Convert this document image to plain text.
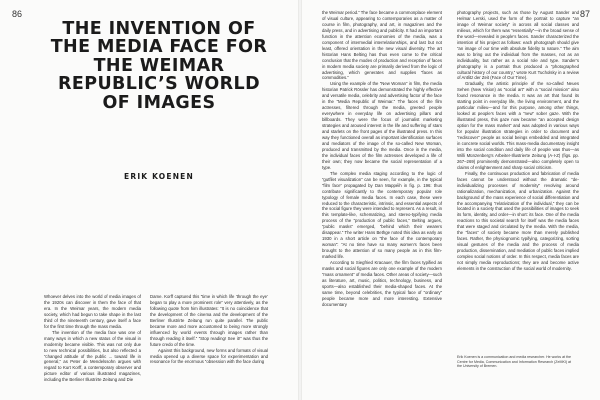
86
THE INVENTION OF THE MEDIA FACE FOR THE WEIMAR REPUBLIC’S WORLD OF IMAGES
ERIK KOENEN

Whoever delves into the world of media images of the 1920s can discover in them the face of that era. In the Weimar years, the modern media society, which had begun to take shape in the last third of the nineteenth century, gave itself a face for the first time through the mass media.

The invention of the media face was one of many ways in which a new status of the visual in modernity became visible. This was not only due to new technical possibilities, but also reflected a “changed attitude of the public ... toward life in general,” as Peter de Mendelssohn argues with regard to Kurt Korff, a contemporary observer and picture editor of various illustrated magazines, including the Berliner Illustrirte Zeitung and Die

Dame. Korff captured this “time in which life ‘through the eye’ began to play a more prominent role” very attentively, as the following quote from him illustrates: “It is no coincidence that the development of the cinema and the development of the Berliner Illustrirte Zeitung run quite parallel. The public became more and more accustomed to being more strongly influenced by world events through images rather than through reading it itself.” “Stop reading! See it!” was thus the future credo of the time.

Against this background, new forms and formats of visual media opened up a diverse space for experimentation and resonance for the enormous “obsession with the face during

87

the Weimar period.” The face became a commonplace element of visual culture, appearing to contemporaries as a matter of course in film, photography, and art, in magazines and the daily press, and in advertising and publicity. It had an important function in the attention economies of the media, was a component of intermedial interrelationships, and last but not least, offered orientation in the new visual diversity. The art historian Hans Belting has thus even come to the critical conclusion that the modes of production and reception of faces in modern media society are primarily derived from the logic of advertising, which generates and supplies “faces as commodities.”

Using the example of the “New Woman” in film, the media historian Patrick Rössler has demonstrated the highly effective and versatile media, celebrity and advertising factor of the face in the “Media Republic of Weimar.” The faces of the film actresses, filtered through the media, greeted people everywhere in everyday life on advertising pillars and billboards. They were the focus of journalist marketing strategies and aroused interest in the life and suffering of stars and starlets on the front pages of the illustrated press. In this way they functioned overall as important identification surfaces and mediators of the image of the so-called New Woman, produced and transmitted by the media. Once in the media, the individual faces of the film actresses developed a life of their own; they now became the social representation of a type.

The complex media staging according to the logic of “gutfilet visualization” can be seen, for example, in the typical “film face” propagated by Dan Mappéih in fig. p. 196: thus contribute significantly to the contemporary popular role typology of female media faces. In each case, these were reduced to the characteristic, intrinsic, and essential aspects of the social figure they were intended to represent. As a result, in this template-like, schematizing, and stereo-typifying media process of the “production of public faces,” Belting argues, “public masks” emerged, “behind which their wearers disappear.” The writer Hans Bethge noted this idea as early as 1930 in a short article on “the face of the contemporary woman”: “At no time have so many women’s faces been brought to the attention of so many people as in this film-marked life.

According to Siegfried Kracauer, the film faces typified as masks and social figures are only one example of the modern “mass ornament” of media faces. Other areas of society—such as literature, art, music, politics, technology, business, and sports—also established their media-shaped faces. At the same time, beyond celebrities, the typical face of “ordinary” people became more and more interesting. Extensive documentary

photography projects, such as those by August Sander and Helmar Lerski, used the form of the portrait to capture “an image of Weimar society” in across all social classes and milieus, which for them was “essentially”—in the broad sense of the word—revealed in people’s faces. Sander characterized the intention of his project as follows: each photograph should give “an image of our time with absolute fidelity to nature.” The aim was to bring out the individual from the masses, not as an individuality, but rather as a social role and type. Sander’s photography is a portrait thus produced a “photographed cultural history of our country,” wrote Kurt Tucholsky in a review of Antlitz der Zeit (Face of Our Time).

Gradually, the artistic principle of the so-called Neues Sehen (New Vision) as “social art” with a “social mission” also found resonance in the media. It was an art that found its starting point in everyday life, the living environment, and the particular milieu—and for this purpose, among other things, looked at people’s faces with a “new” sober gaze. With the illustrated press, this gaze now became “an accepted design option for the mass market” and was adopted in various ways for popular illustration strategies in order to document and “rediscover” people as social beings embedded and integrated in concrete social worlds. This mass-media documentary insight into the social condition and daily life of people was thus—as Willi Münzenberg’s Arbeiter-Illustrierte Zeitung (A-I-Z) (figs. pp. 267–269) prominently demonstrated—also completely open to claims of enlightenment and sharp social criticism.

Finally, the continuous production and fabrication of media faces cannot be understood without the dramatic “de-individualizing processes of modernity” revolving around rationalization, mechanization, and urbanization. Against the background of the mass experience of social differentiation and the accompanying “relativization of the individual,” they can be located in a society that used the possibilities of images to seek its form, identity, and order—in short: its face. One of the media reactions to this societal search for itself was the media faces that were staged and circulated by the media. With the media, the “faces” of society became more than merely published faces. Rather, the physiognomic typifying, categorizing, sorting visual gestures of the media and the process of media production, dissemination, and mediation of public faces implied complex social notions of order. In this respect, media faces are not simply media reproductions; they are and become active elements in the construction of the social world of modernity.

Erik Koenen is a communication and media researcher. He works at the Centre for Media, Communication and Information Research (ZeMKI) at the University of Bremen.
